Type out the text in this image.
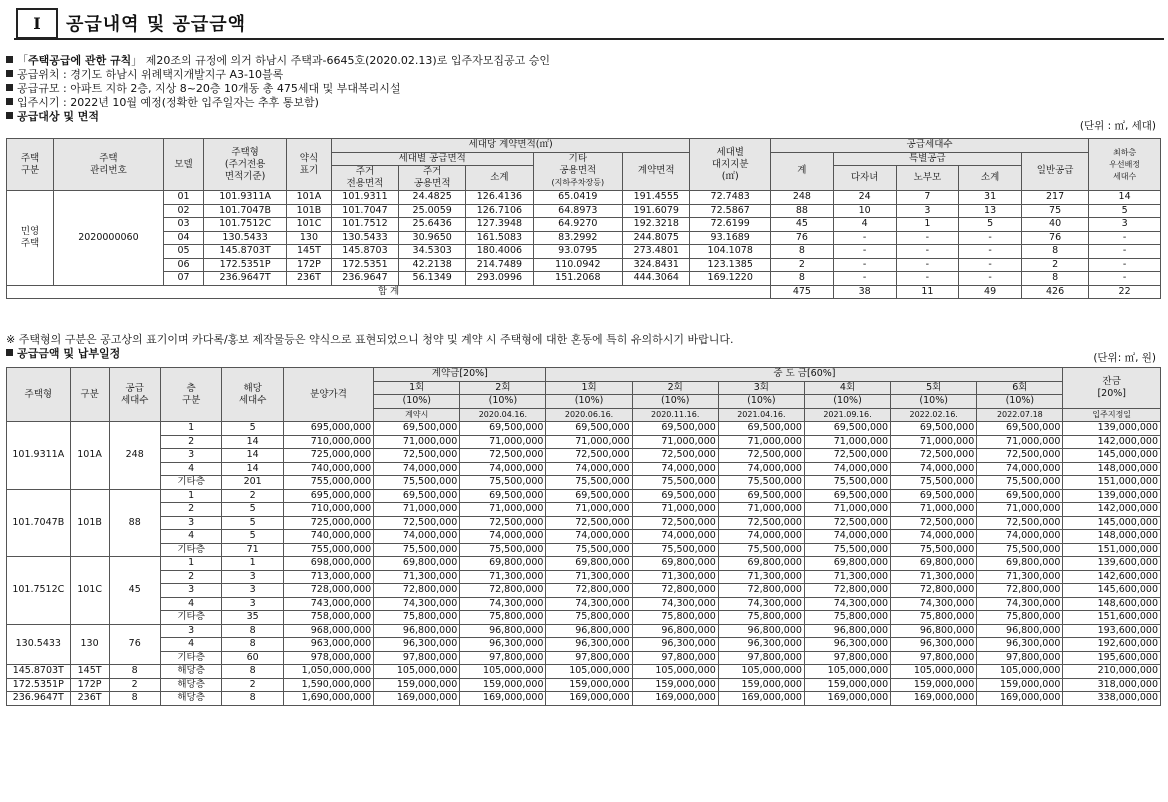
I	공급내역 및 공급금액
「주택공급에 관한 규칙」 제20조의 규정에 의거 하남시 주택과-6645호(2020.02.13)로 입주자모집공고 승인
공급위치 : 경기도 하남시 위례택지개발지구 A3-10블록
공급규모 : 아파트 지하 2층, 지상 8~20층 10개동 총 475세대 및 부대복리시설
입주시기 : 2022년 10월 예정(정확한 입주일자는 추후 통보함)
공급대상 및 면적
(단위 : ㎡, 세대)
주택
구분	주택
관리번호	모델	주택형
(주거전용
면적기준)	약식
표기	세대당 계약면적(㎡)					세대별
대지지분
(㎡)	공급세대수					최하층
우선배정
세대수
					세대별 공급면적			기타
공용면적
(지하주차장등)	계약면적		계	특별공급			일반공급	
					주거
전용면적	주거
공용면적	소계					다자녀	노부모	소계		

민영
주택	2020000060	01	101.9311A	101A	101.9311	24.4825	126.4136	65.0419	191.4555	72.7483	248	24	7	31	217	14
		02	101.7047B	101B	101.7047	25.0059	126.7106	64.8973	191.6079	72.5867	88	10	3	13	75	5
		03	101.7512C	101C	101.7512	25.6436	127.3948	64.9270	192.3218	72.6199	45	4	1	5	40	3
		04	130.5433	130	130.5433	30.9650	161.5083	83.2992	244.8075	93.1689	76	-	-	-	76	-
		05	145.8703T	145T	145.8703	34.5303	180.4006	93.0795	273.4801	104.1078	8	-	-	-	8	-
		06	172.5351P	172P	172.5351	42.2138	214.7489	110.0942	324.8431	123.1385	2	-	-	-	2	-
		07	236.9647T	236T	236.9647	56.1349	293.0996	151.2068	444.3064	169.1220	8	-	-	-	8	-
합 계											475	38	11	49	426	22
※ 주택형의 구분은 공고상의 표기이며 카다록/홍보 제작물등은 약식으로 표현되었으니 청약 및 계약 시 주택형에 대한 혼동에 특히 유의하시기 바랍니다.
공급금액 및 납부일정	(단위: ㎡, 원)
주택형	구분	공급
세대수	층
구분	해당
세대수	분양가격	계약금[20%]		중 도 금[60%]						잔금
[20%]
						1회	2회	1회	2회	3회	4회	5회	6회	
						(10%)	(10%)	(10%)	(10%)	(10%)	(10%)	(10%)	(10%)	
						계약시	2020.04.16.	2020.06.16.	2020.11.16.	2021.04.16.	2021.09.16.	2022.02.16.	2022.07.18	입주지정일
101.9311A	101A	248	1	5	695,000,000	69,500,000	69,500,000	69,500,000	69,500,000	69,500,000	69,500,000	69,500,000	69,500,000	139,000,000
			2	14	710,000,000	71,000,000	71,000,000	71,000,000	71,000,000	71,000,000	71,000,000	71,000,000	71,000,000	142,000,000
			3	14	725,000,000	72,500,000	72,500,000	72,500,000	72,500,000	72,500,000	72,500,000	72,500,000	72,500,000	145,000,000
			4	14	740,000,000	74,000,000	74,000,000	74,000,000	74,000,000	74,000,000	74,000,000	74,000,000	74,000,000	148,000,000
			기타층	201	755,000,000	75,500,000	75,500,000	75,500,000	75,500,000	75,500,000	75,500,000	75,500,000	75,500,000	151,000,000
101.7047B	101B	88	1	2	695,000,000	69,500,000	69,500,000	69,500,000	69,500,000	69,500,000	69,500,000	69,500,000	69,500,000	139,000,000
			2	5	710,000,000	71,000,000	71,000,000	71,000,000	71,000,000	71,000,000	71,000,000	71,000,000	71,000,000	142,000,000
			3	5	725,000,000	72,500,000	72,500,000	72,500,000	72,500,000	72,500,000	72,500,000	72,500,000	72,500,000	145,000,000
			4	5	740,000,000	74,000,000	74,000,000	74,000,000	74,000,000	74,000,000	74,000,000	74,000,000	74,000,000	148,000,000
			기타층	71	755,000,000	75,500,000	75,500,000	75,500,000	75,500,000	75,500,000	75,500,000	75,500,000	75,500,000	151,000,000
101.7512C	101C	45	1	1	698,000,000	69,800,000	69,800,000	69,800,000	69,800,000	69,800,000	69,800,000	69,800,000	69,800,000	139,600,000
			2	3	713,000,000	71,300,000	71,300,000	71,300,000	71,300,000	71,300,000	71,300,000	71,300,000	71,300,000	142,600,000
			3	3	728,000,000	72,800,000	72,800,000	72,800,000	72,800,000	72,800,000	72,800,000	72,800,000	72,800,000	145,600,000
			4	3	743,000,000	74,300,000	74,300,000	74,300,000	74,300,000	74,300,000	74,300,000	74,300,000	74,300,000	148,600,000
			기타층	35	758,000,000	75,800,000	75,800,000	75,800,000	75,800,000	75,800,000	75,800,000	75,800,000	75,800,000	151,600,000
130.5433	130	76	3	8	968,000,000	96,800,000	96,800,000	96,800,000	96,800,000	96,800,000	96,800,000	96,800,000	96,800,000	193,600,000
			4	8	963,000,000	96,300,000	96,300,000	96,300,000	96,300,000	96,300,000	96,300,000	96,300,000	96,300,000	192,600,000
			기타층	60	978,000,000	97,800,000	97,800,000	97,800,000	97,800,000	97,800,000	97,800,000	97,800,000	97,800,000	195,600,000
145.8703T	145T	8	해당층	8	1,050,000,000	105,000,000	105,000,000	105,000,000	105,000,000	105,000,000	105,000,000	105,000,000	105,000,000	210,000,000
172.5351P	172P	2	해당층	2	1,590,000,000	159,000,000	159,000,000	159,000,000	159,000,000	159,000,000	159,000,000	159,000,000	159,000,000	318,000,000
236.9647T	236T	8	해당층	8	1,690,000,000	169,000,000	169,000,000	169,000,000	169,000,000	169,000,000	169,000,000	169,000,000	169,000,000	338,000,000
